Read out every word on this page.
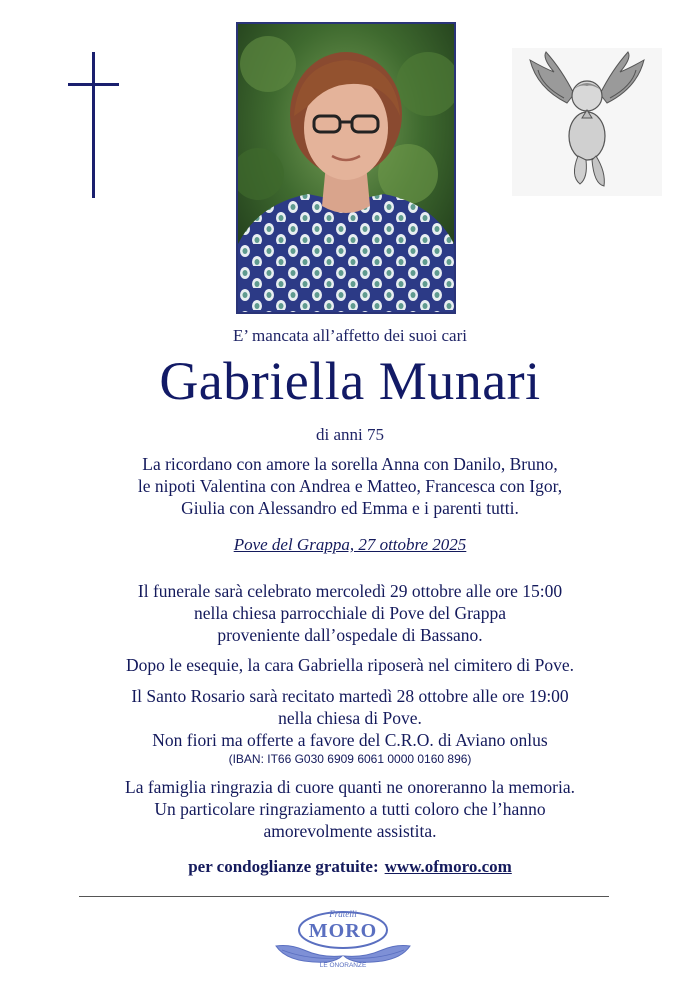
E’ mancata all’affetto dei suoi cari
Gabriella Munari
di anni 75
La ricordano con amore la sorella Anna con Danilo, Bruno,
le nipoti Valentina con Andrea e Matteo, Francesca con Igor,
Giulia con Alessandro ed Emma e i parenti tutti.
Pove del Grappa, 27 ottobre 2025
Il funerale sarà celebrato mercoledì 29 ottobre alle ore 15:00
nella chiesa parrocchiale di Pove del Grappa
proveniente dall’ospedale di Bassano.
Dopo le esequie, la cara Gabriella riposerà nel cimitero di Pove.
Il Santo Rosario sarà recitato martedì 28 ottobre alle ore 19:00
nella chiesa di Pove.
Non fiori ma offerte a favore del C.R.O. di Aviano onlus
(IBAN: IT66 G030 6909 6061 0000 0160 896)
La famiglia ringrazia di cuore quanti ne onoreranno la memoria.
Un particolare ringraziamento a tutti coloro che l’hanno
amorevolmente assistita.
per condoglianze gratuite: www.ofmoro.com
Fratelli
MORO
LE ONORANZE
